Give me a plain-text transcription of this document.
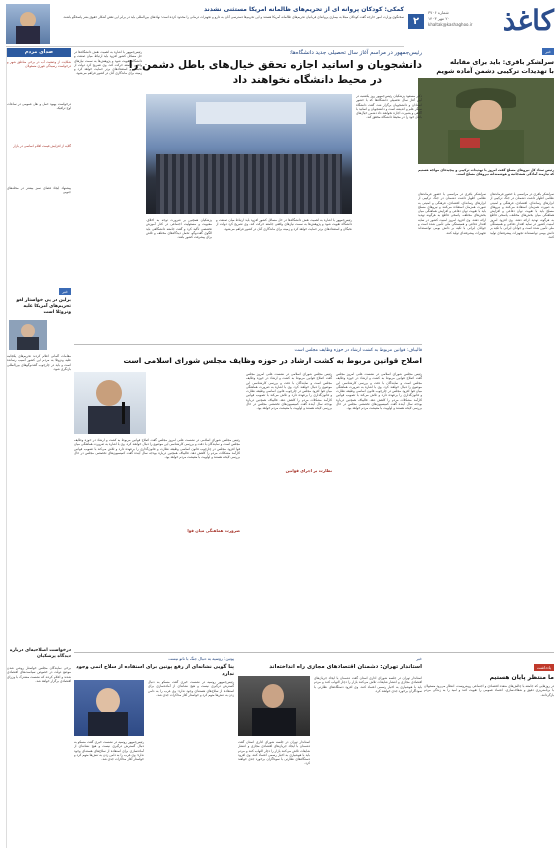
کاغذ
۲
شماره ۳۷۰۶
۲۰ مهر ۱۴۰۳
khaltak@kashaghoo.ir
کمکی: کودکان پروانه ای از تحریم‌های ظالمانه آمریکا مستثنی نشدند
سخنگوی وزارت امور خارجه گفت کودکان مبتلا به بیماری پروانه‌ای قربانیان تحریم‌های ظالمانه آمریکا هستند و این تحریم‌ها دسترسی آنان به دارو و تجهیزات درمانی را محدود کرده است؛ نهادهای بین‌المللی باید در برابر این نقض آشکار حقوق بشر پاسخگو باشند.
خبر
سرلشکر باقری: باید برای مقابله
با تهدیدات ترکیبی دشمن آماده شویم
رئیس ستاد کل نیروهای مسلح گفت امروز با تهدیدات ترکیبی و پیچیده‌ای مواجه هستیم که نیازمند آمادگی همه‌جانبه و هوشمندانه نیروهای مسلح است.
سرلشکر باقری در مراسمی با حضور فرماندهان نظامی اظهار داشت دشمنان در جنگ ترکیبی از ابزارهای رسانه‌ای، اقتصادی، فرهنگی و امنیتی به صورت همزمان استفاده می‌کنند و نیروهای مسلح باید با تقویت توان دفاعی و افزایش هماهنگی میان بخش‌های مختلف، پاسخی قاطع به هرگونه تهدید ارائه دهند. وی افزود امروز امنیت کشور در سایه اقتدار دفاعی و همبستگی ملی تأمین شده است و جوانان ایرانی با تکیه بر دانش بومی توانسته‌اند تجهیزات پیشرفته‌ای تولید کنند.
سرلشکر باقری در مراسمی با حضور فرماندهان نظامی اظهار داشت دشمنان در جنگ ترکیبی از ابزارهای رسانه‌ای، اقتصادی، فرهنگی و امنیتی به صورت همزمان استفاده می‌کنند و نیروهای مسلح باید با تقویت توان دفاعی و افزایش هماهنگی میان بخش‌های مختلف، پاسخی قاطع به هرگونه تهدید ارائه دهند. وی افزود امروز امنیت کشور در سایه اقتدار دفاعی و همبستگی ملی تأمین شده است و جوانان ایرانی با تکیه بر دانش بومی توانسته‌اند تجهیزات پیشرفته‌ای تولید کنند.
رئیس‌جمهور در مراسم آغاز سال تحصیلی جدید دانشگاه‌ها:
دانشجویان و اساتید اجازه تحقق خیال‌های باطل دشمن را
در محیط دانشگاه نخواهند داد
دکتر مسعود پزشکیان رئیس‌جمهور روز یکشنبه در آیین آغاز سال تحصیلی دانشگاه‌ها که با حضور استادان و دانشجویان برگزار شد، گفت دانشگاه سنگر علم و اندیشه است و دانشجویان و اساتید با آگاهی و بصیرت اجازه نخواهند داد دشمن خیال‌های باطل خود را در محیط دانشگاه محقق کند.
رئیس‌جمهور با اشاره به اهمیت نقش دانشگاه‌ها در حل مسائل کشور افزود باید ارتباط میان صنعت و دانشگاه تقویت شود و پژوهش‌ها به سمت نیازهای واقعی جامعه حرکت کند. وی تصریح کرد دولت از نخبگان و استعدادهای برتر حمایت خواهد کرد و زمینه برای ماندگاری آنان در کشور فراهم می‌شود.
پزشکیان همچنین بر ضرورت توجه به اخلاق، معنویت و مسئولیت اجتماعی در کنار آموزش تخصصی تأکید کرد و گفت جامعه دانشگاهی باید الگوی گفت‌وگو، تحمل دیدگاه‌های مختلف و تلاش برای پیشرفت کشور باشد.
صدای مردم
شکایت از وضعیت آب در برخی مناطق شهر و درخواست رسیدگی فوری مسئولان
درخواست بهبود حمل و نقل عمومی در ساعات اوج ترافیک
گلایه از افزایش قیمت اقلام اساسی در بازار
پیشنهاد ایجاد فضای سبز بیشتر در محله‌های جنوبی
خبر
برلین در پی خواستار لغو تحریم‌های آمریکا علیه ونزوئلا است
مقامات آلمانی اعلام کردند تحریم‌های یکجانبه علیه ونزوئلا به مردم این کشور آسیب رسانده است و باید در چارچوب گفت‌وگوهای بین‌المللی بازنگری شود.
درخواست اصلاحیه‌ای درباره دیدگاه پزشکیان
برخی نمایندگان مجلس خواستار روشن شدن موضع دولت در خصوص سیاست‌های اقتصادی شدند و اعلام کردند که نشست مشترک با وزرای اقتصادی برگزار خواهد شد.
رئیس‌جمهور با اشاره به اهمیت نقش دانشگاه‌ها در حل مسائل کشور افزود باید ارتباط میان صنعت و دانشگاه تقویت شود و پژوهش‌ها به سمت نیازهای واقعی جامعه حرکت کند. وی تصریح کرد دولت از نخبگان و استعدادهای برتر حمایت خواهد کرد و زمینه برای ماندگاری آنان در کشور فراهم می‌شود.
قالیباف: قوانین مربوط به کشت ارشاد در حوزه وظایف مجلس است
اصلاح قوانین مربوط به کشت ارشاد در حوزه وظایف مجلس شورای اسلامی است
رئیس مجلس شورای اسلامی در نشست علنی امروز مجلس گفت اصلاح قوانین مربوط به کشت و ارشاد در حوزه وظایف مجلس است و نمایندگان با دقت و بررسی کارشناسی این موضوع را دنبال خواهند کرد. وی با اشاره به ضرورت هماهنگی میان قوا افزود مجلس در چارچوب قانون اساسی وظیفه نظارت و قانون‌گذاری را برعهده دارد و تلاش می‌کند با تصویب قوانین کارآمد مشکلات مردم را کاهش دهد. قالیباف همچنین درباره بودجه سال آینده گفت کمیسیون‌های تخصصی مجلس در حال بررسی لایحه هستند و اولویت با معیشت مردم خواهد بود.
رئیس مجلس شورای اسلامی در نشست علنی امروز مجلس گفت اصلاح قوانین مربوط به کشت و ارشاد در حوزه وظایف مجلس است و نمایندگان با دقت و بررسی کارشناسی این موضوع را دنبال خواهند کرد. وی با اشاره به ضرورت هماهنگی میان قوا افزود مجلس در چارچوب قانون اساسی وظیفه نظارت و قانون‌گذاری را برعهده دارد و تلاش می‌کند با تصویب قوانین کارآمد مشکلات مردم را کاهش دهد. قالیباف همچنین درباره بودجه سال آینده گفت کمیسیون‌های تخصصی مجلس در حال بررسی لایحه هستند و اولویت با معیشت مردم خواهد بود.
نظارت بر اجرای قوانین
رئیس مجلس شورای اسلامی در نشست علنی امروز مجلس گفت اصلاح قوانین مربوط به کشت و ارشاد در حوزه وظایف مجلس است و نمایندگان با دقت و بررسی کارشناسی این موضوع را دنبال خواهند کرد. وی با اشاره به ضرورت هماهنگی میان قوا افزود مجلس در چارچوب قانون اساسی وظیفه نظارت و قانون‌گذاری را برعهده دارد و تلاش می‌کند با تصویب قوانین کارآمد مشکلات مردم را کاهش دهد. قالیباف همچنین درباره بودجه سال آینده گفت کمیسیون‌های تخصصی مجلس در حال بررسی لایحه هستند و اولویت با معیشت مردم خواهد بود.
ضرورت هماهنگی میان قوا
پوتین: روسیه به دنبال جنگ با ناتو نیست
پنا گویی نشانه‌ای از رفع پوتین برای استفاده از سلاح اتمی وجود ندارد
رئیس‌جمهور روسیه در نشست خبری گفت مسکو به دنبال گسترش درگیری نیست و هیچ نشانه‌ای از آماده‌سازی برای استفاده از سلاح‌های هسته‌ای وجود ندارد؛ وی غرب را به دامن زدن به تنش‌ها متهم کرد و خواستار آغاز مذاکرات جدی شد.
رئیس‌جمهور روسیه در نشست خبری گفت مسکو به دنبال گسترش درگیری نیست و هیچ نشانه‌ای از آماده‌سازی برای استفاده از سلاح‌های هسته‌ای وجود ندارد؛ وی غرب را به دامن زدن به تنش‌ها متهم کرد و خواستار آغاز مذاکرات جدی شد.
خبر
استاندار تهران: دشمنان اقتصادهای مجازی راه انداخته‌اند
استاندار تهران در جلسه شورای اداری استان گفت دشمنان با ایجاد جریان‌های اقتصادی مجازی و انتشار شایعات تلاش می‌کنند بازار را دچار التهاب کنند و مردم باید با هوشیاری به اخبار رسمی اعتماد کنند. وی افزود دستگاه‌های نظارتی با سوداگران برخورد جدی خواهند کرد.
استاندار تهران در جلسه شورای اداری استان گفت دشمنان با ایجاد جریان‌های اقتصادی مجازی و انتشار شایعات تلاش می‌کنند بازار را دچار التهاب کنند و مردم باید با هوشیاری به اخبار رسمی اعتماد کنند. وی افزود دستگاه‌های نظارتی با سوداگران برخورد جدی خواهند کرد.
یادداشت
ما منتظر پایان هستیم
در روزهایی که جامعه با چالش‌های متعدد اقتصادی و اجتماعی روبه‌روست، انتظار می‌رود مسئولان با برنامه‌ریزی دقیق و شفاف‌سازی، اعتماد عمومی را تقویت کنند و امید را به زندگی مردم بازگردانند.
